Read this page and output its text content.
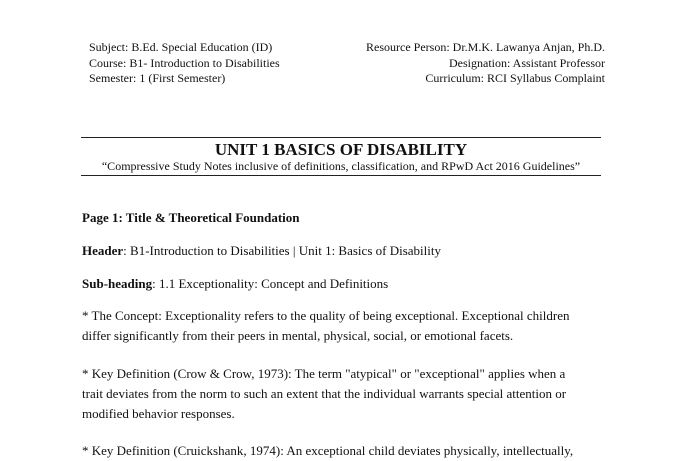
Subject: B.Ed. Special Education (ID)
Course: B1- Introduction to Disabilities
Semester: 1 (First Semester)
Resource Person: Dr.M.K. Lawanya Anjan, Ph.D.
Designation: Assistant Professor
Curriculum: RCI Syllabus Complaint
UNIT 1 BASICS OF DISABILITY
“Compressive Study Notes inclusive of definitions, classification, and RPwD Act 2016 Guidelines”
Page 1: Title & Theoretical Foundation
Header: B1-Introduction to Disabilities | Unit 1: Basics of Disability
Sub-heading: 1.1 Exceptionality: Concept and Definitions
* The Concept: Exceptionality refers to the quality of being exceptional. Exceptional children
differ significantly from their peers in mental, physical, social, or emotional facets.
* Key Definition (Crow & Crow, 1973): The term "atypical" or "exceptional" applies when a
trait deviates from the norm to such an extent that the individual warrants special attention or
modified behavior responses.
* Key Definition (Cruickshank, 1974): An exceptional child deviates physically, intellectually,
